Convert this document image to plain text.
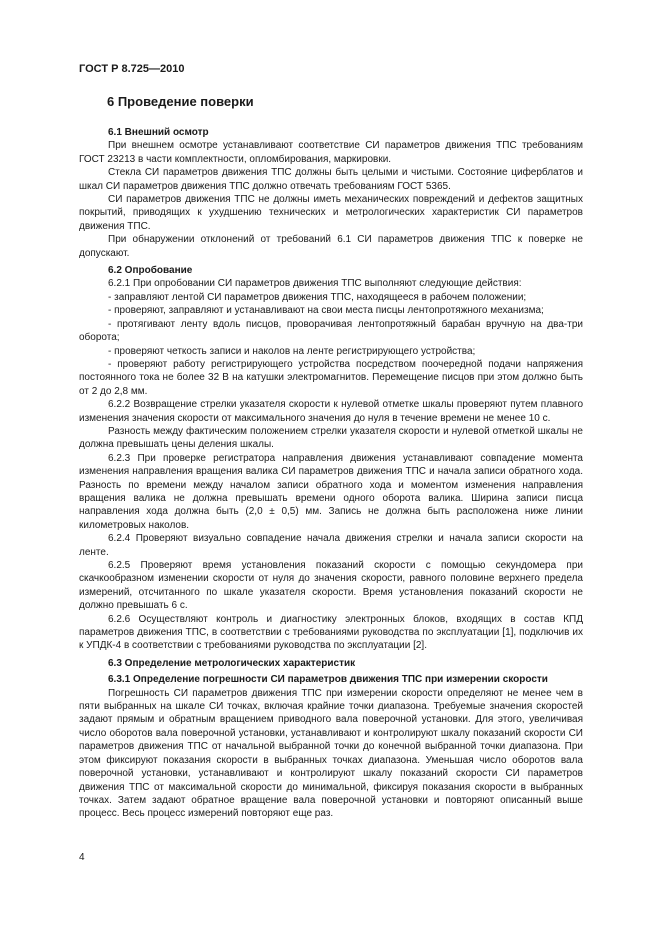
ГОСТ Р 8.725—2010
6 Проведение поверки

6.1 Внешний осмотр

При внешнем осмотре устанавливают соответствие СИ параметров движения ТПС требованиям ГОСТ 23213 в части комплектности, опломбирования, маркировки.

Стекла СИ параметров движения ТПС должны быть целыми и чистыми. Состояние циферблатов и шкал СИ параметров движения ТПС должно отвечать требованиям ГОСТ 5365.

СИ параметров движения ТПС не должны иметь механических повреждений и дефектов защитных покрытий, приводящих к ухудшению технических и метрологических характеристик СИ параметров движения ТПС.

При обнаружении отклонений от требований 6.1 СИ параметров движения ТПС к поверке не допускают.

6.2 Опробование

6.2.1 При опробовании СИ параметров движения ТПС выполняют следующие действия:

- заправляют лентой СИ параметров движения ТПС, находящееся в рабочем положении;

- проверяют, заправляют и устанавливают на свои места писцы лентопротяжного механизма;

- протягивают ленту вдоль писцов, проворачивая лентопротяжный барабан вручную на два-три оборота;

- проверяют четкость записи и наколов на ленте регистрирующего устройства;

- проверяют работу регистрирующего устройства посредством поочередной подачи напряжения постоянного тока не более 32 В на катушки электромагнитов. Перемещение писцов при этом должно быть от 2 до 2,8 мм.

6.2.2 Возвращение стрелки указателя скорости к нулевой отметке шкалы проверяют путем плавного изменения значения скорости от максимального значения до нуля в течение времени не менее 10 с.

Разность между фактическим положением стрелки указателя скорости и нулевой отметкой шкалы не должна превышать цены деления шкалы.

6.2.3 При проверке регистратора направления движения устанавливают совпадение момента изменения направления вращения валика СИ параметров движения ТПС и начала записи обратного хода. Разность по времени между началом записи обратного хода и моментом изменения направления вращения валика не должна превышать времени одного оборота валика. Ширина записи писца направления хода должна быть (2,0 ± 0,5) мм. Запись не должна быть расположена ниже линии километровых наколов.

6.2.4 Проверяют визуально совпадение начала движения стрелки и начала записи скорости на ленте.

6.2.5 Проверяют время установления показаний скорости с помощью секундомера при скачкообразном изменении скорости от нуля до значения скорости, равного половине верхнего предела измерений, отсчитанного по шкале указателя скорости. Время установления показаний скорости не должно превышать 6 с.

6.2.6 Осуществляют контроль и диагностику электронных блоков, входящих в состав КПД параметров движения ТПС, в соответствии с требованиями руководства по эксплуатации [1], подключив их к УПДК-4 в соответствии с требованиями руководства по эксплуатации [2].

6.3 Определение метрологических характеристик

6.3.1 Определение погрешности СИ параметров движения ТПС при измерении скорости

Погрешность СИ параметров движения ТПС при измерении скорости определяют не менее чем в пяти выбранных на шкале СИ точках, включая крайние точки диапазона. Требуемые значения скоростей задают прямым и обратным вращением приводного вала поверочной установки. Для этого, увеличивая число оборотов вала поверочной установки, устанавливают и контролируют шкалу показаний скорости СИ параметров движения ТПС от начальной выбранной точки до конечной выбранной точки диапазона. При этом фиксируют показания скорости в выбранных точках диапазона. Уменьшая число оборотов вала поверочной установки, устанавливают и контролируют шкалу показаний скорости СИ параметров движения ТПС от максимальной скорости до минимальной, фиксируя показания скорости в выбранных точках. Затем задают обратное вращение вала поверочной установки и повторяют описанный выше процесс. Весь процесс измерений повторяют еще раз.

4
